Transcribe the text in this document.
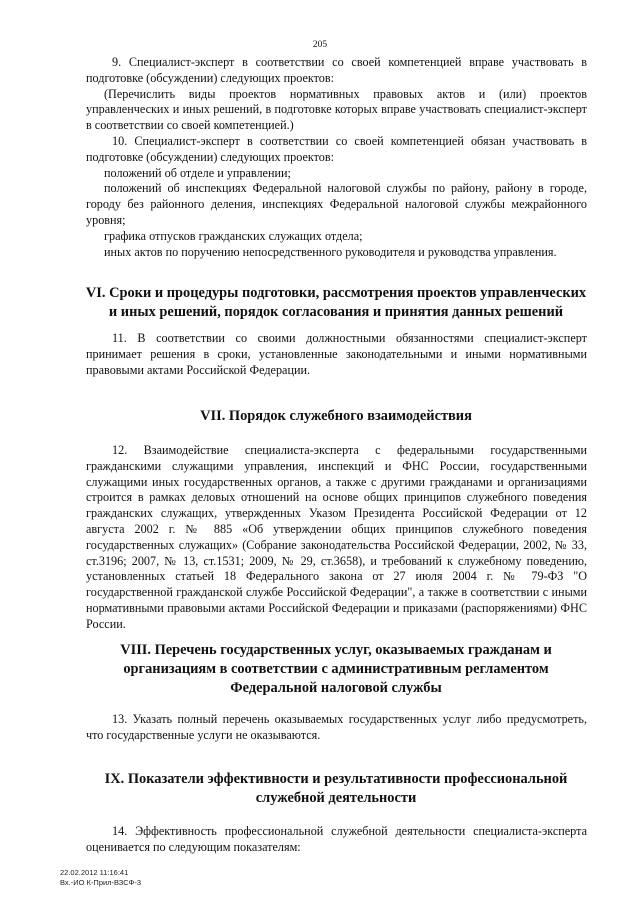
205

9. Специалист-эксперт в соответствии со своей компетенцией вправе участвовать в подготовке (обсуждении) следующих проектов:

(Перечислить виды проектов нормативных правовых актов и (или) проектов управленческих и иных решений, в подготовке которых вправе участвовать специалист-эксперт в соответствии со своей компетенцией.)

10. Специалист-эксперт в соответствии со своей компетенцией обязан участвовать в подготовке (обсуждении) следующих проектов:

положений об отделе и управлении;

положений об инспекциях Федеральной налоговой службы по району, району в городе, городу без районного деления, инспекциях Федеральной налоговой службы межрайонного уровня;

графика отпусков гражданских служащих отдела;

иных актов по поручению непосредственного руководителя и руководства управления.

VI. Сроки и процедуры подготовки, рассмотрения проектов управленческих и иных решений, порядок согласования и принятия данных решений

11. В соответствии со своими должностными обязанностями специалист-эксперт принимает решения в сроки, установленные законодательными и иными нормативными правовыми актами Российской Федерации.

VII. Порядок служебного взаимодействия

12. Взаимодействие специалиста-эксперта с федеральными государственными гражданскими служащими управления, инспекций и ФНС России, государственными служащими иных государственных органов, а также с другими гражданами и организациями строится в рамках деловых отношений на основе общих принципов служебного поведения гражданских служащих, утвержденных Указом Президента Российской Федерации от 12 августа 2002 г. № 885 «Об утверждении общих принципов служебного поведения государственных служащих» (Собрание законодательства Российской Федерации, 2002, № 33, ст.3196; 2007, № 13, ст.1531; 2009, № 29, ст.3658), и требований к служебному поведению, установленных статьей 18 Федерального закона от 27 июля 2004 г. № 79-ФЗ "О государственной гражданской службе Российской Федерации", а также в соответствии с иными нормативными правовыми актами Российской Федерации и приказами (распоряжениями) ФНС России.

VIII. Перечень государственных услуг, оказываемых гражданам и организациям в соответствии с административным регламентом Федеральной налоговой службы

13. Указать полный перечень оказываемых государственных услуг либо предусмотреть, что государственные услуги не оказываются.

IX. Показатели эффективности и результативности профессиональной служебной деятельности

14. Эффективность профессиональной служебной деятельности специалиста-эксперта оценивается по следующим показателям:

22.02.2012 11:16:41
Вх.-ИО К-Прил-ВЗСФ-3
